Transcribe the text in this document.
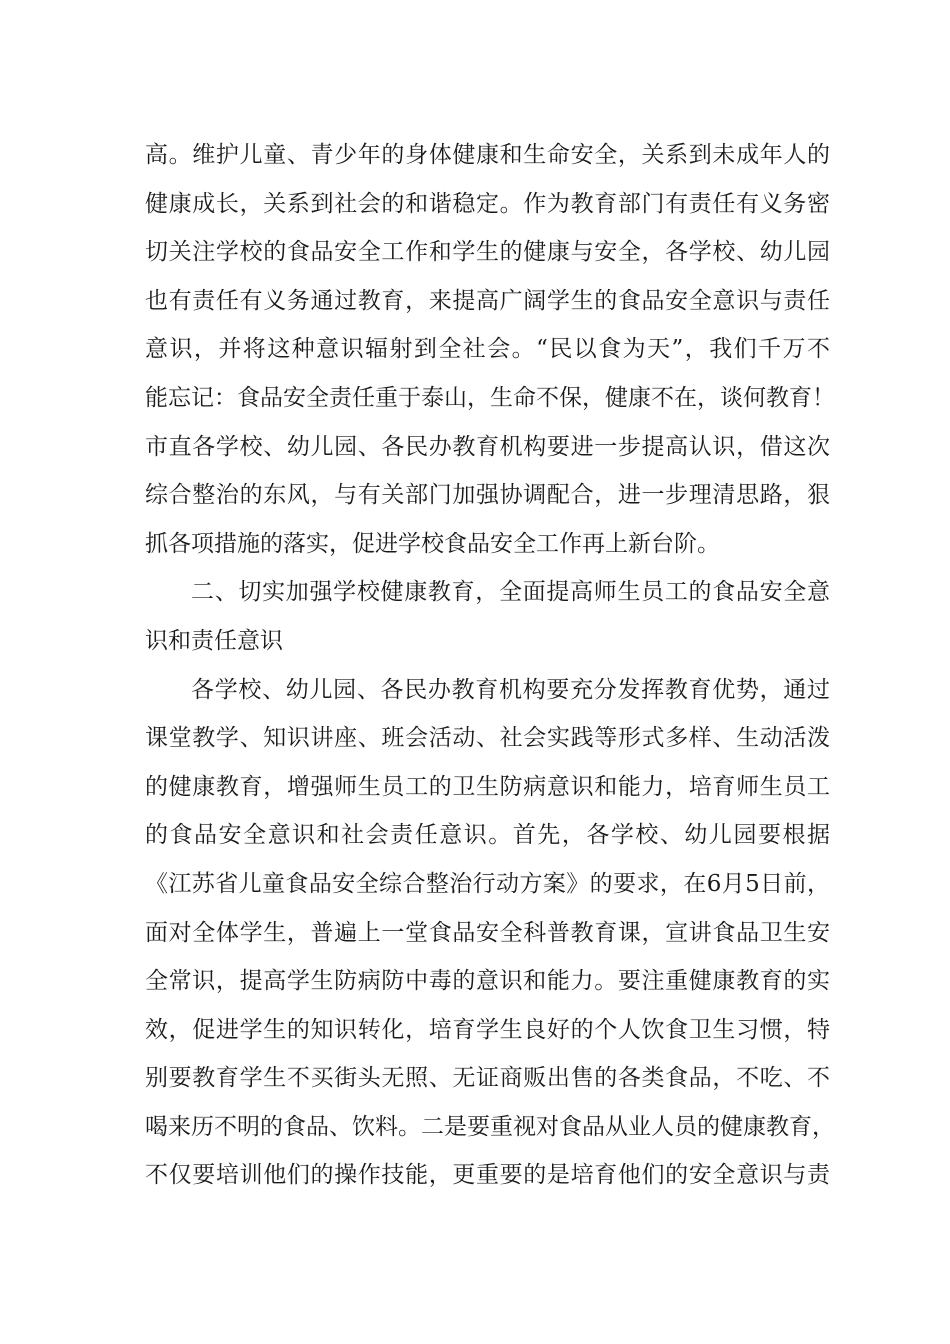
高。维护儿童、青少年的身体健康和生命安全，关系到未成年人的
健康成长，关系到社会的和谐稳定。作为教育部门有责任有义务密
切关注学校的食品安全工作和学生的健康与安全，各学校、幼儿园
也有责任有义务通过教育，来提高广阔学生的食品安全意识与责任
意识，并将这种意识辐射到全社会。“民以食为天”，我们千万不
能忘记：食品安全责任重于泰山，生命不保，健康不在，谈何教育！
市直各学校、幼儿园、各民办教育机构要进一步提高认识，借这次
综合整治的东风，与有关部门加强协调配合，进一步理清思路，狠
抓各项措施的落实，促进学校食品安全工作再上新台阶。
二、切实加强学校健康教育，全面提高师生员工的食品安全意
识和责任意识
各学校、幼儿园、各民办教育机构要充分发挥教育优势，通过
课堂教学、知识讲座、班会活动、社会实践等形式多样、生动活泼
的健康教育，增强师生员工的卫生防病意识和能力，培育师生员工
的食品安全意识和社会责任意识。首先，各学校、幼儿园要根据
《江苏省儿童食品安全综合整治行动方案》的要求，在6月5日前，
面对全体学生，普遍上一堂食品安全科普教育课，宣讲食品卫生安
全常识，提高学生防病防中毒的意识和能力。要注重健康教育的实
效，促进学生的知识转化，培育学生良好的个人饮食卫生习惯，特
别要教育学生不买街头无照、无证商贩出售的各类食品，不吃、不
喝来历不明的食品、饮料。二是要重视对食品从业人员的健康教育，
不仅要培训他们的操作技能，更重要的是培育他们的安全意识与责
